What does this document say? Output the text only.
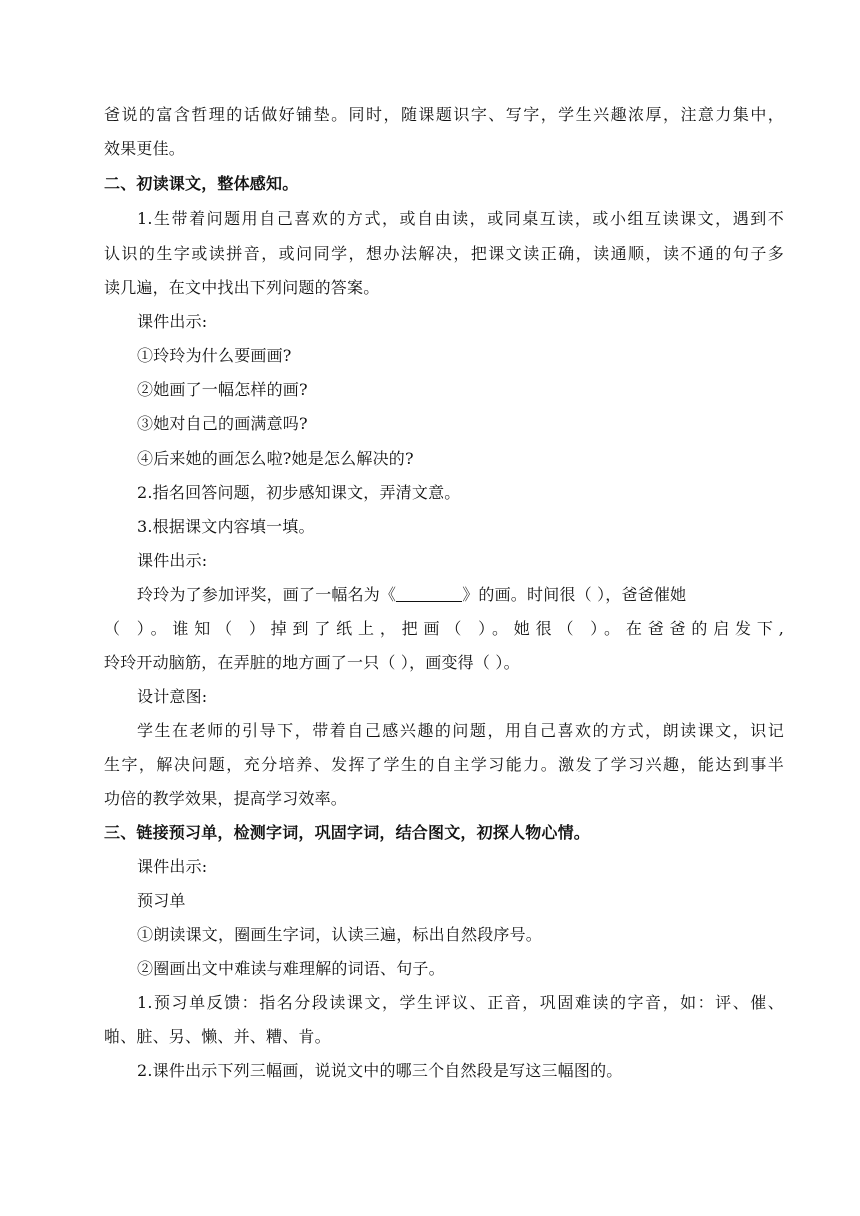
爸说的富含哲理的话做好铺垫。同时，随课题识字、写字，学生兴趣浓厚，注意力集中，
效果更佳。
二、初读课文，整体感知。
1.生带着问题用自己喜欢的方式，或自由读，或同桌互读，或小组互读课文，遇到不
认识的生字或读拼音，或问同学，想办法解决，把课文读正确，读通顺，读不通的句子多
读几遍，在文中找出下列问题的答案。
课件出示:
①玲玲为什么要画画?
②她画了一幅怎样的画?
③她对自己的画满意吗?
④后来她的画怎么啦?她是怎么解决的?
2.指名回答问题，初步感知课文，弄清文意。
3.根据课文内容填一填。
课件出示:
玲玲为了参加评奖，画了一幅名为《	》的画。时间很（ ），爸爸催她
（ ）。谁知（ ）掉到了纸上，把画（ ）。她很（ ）。在爸爸的启发下,
玲玲开动脑筋，在弄脏的地方画了一只（ ），画变得（ ）。
设计意图:
学生在老师的引导下，带着自己感兴趣的问题，用自己喜欢的方式，朗读课文，识记
生字，解决问题，充分培养、发挥了学生的自主学习能力。激发了学习兴趣，能达到事半
功倍的教学效果，提高学习效率。
三、链接预习单，检测字词，巩固字词，结合图文，初探人物心情。
课件出示:
预习单
①朗读课文，圈画生字词，认读三遍，标出自然段序号。
②圈画出文中难读与难理解的词语、句子。
1.预习单反馈：指名分段读课文，学生评议、正音，巩固难读的字音，如：评、催、
啪、脏、另、懒、并、糟、肯。
2.课件出示下列三幅画，说说文中的哪三个自然段是写这三幅图的。
